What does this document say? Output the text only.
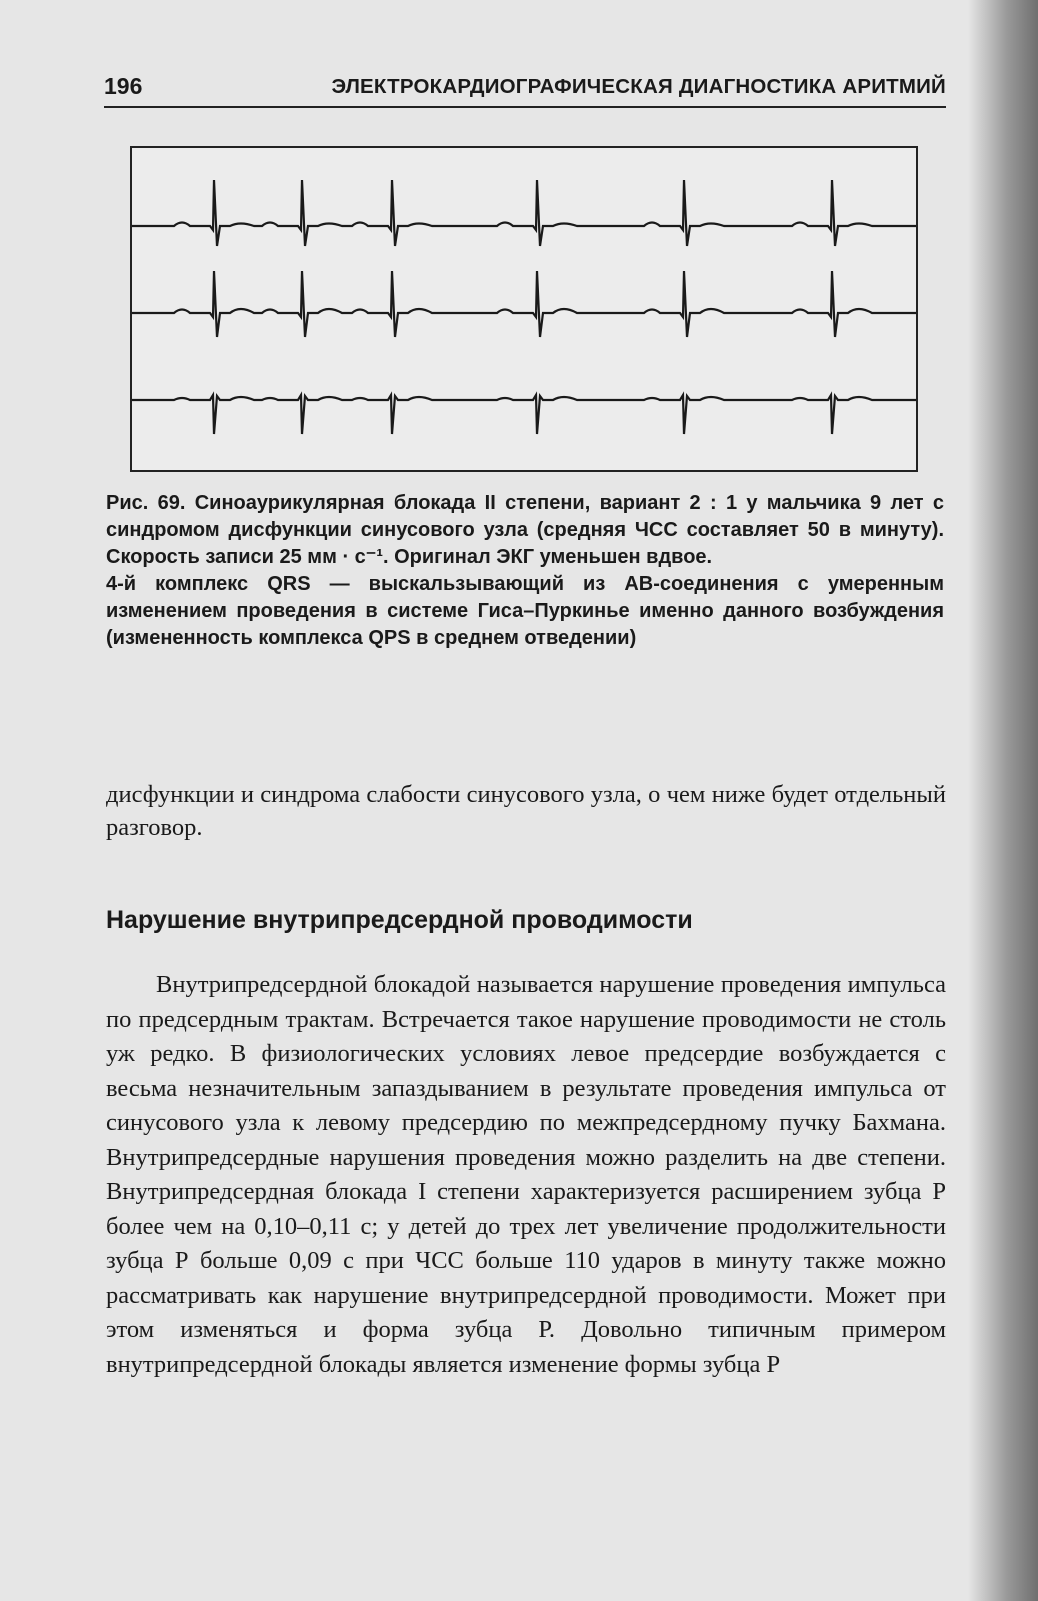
196	ЭЛЕКТРОКАРДИОГРАФИЧЕСКАЯ ДИАГНОСТИКА АРИТМИЙ

Рис. 69. Синоаурикулярная блокада II степени, вариант 2 : 1 у мальчика 9 лет с синдромом дисфункции синусового узла (средняя ЧСС составляет 50 в минуту). Скорость записи 25 мм · с⁻¹. Оригинал ЭКГ уменьшен вдвое.

4-й комплекс QRS — выскальзывающий из АВ-соединения с умеренным изменением проведения в системе Гиса–Пуркинье именно данного возбуждения (измененность комплекса QPS в среднем отведении)

дисфункции и синдрома слабости синусового узла, о чем ниже будет отдельный разговор.

Нарушение внутрипредсердной проводимости

Внутрипредсердной блокадой называется нарушение проведения импульса по предсердным трактам. Встречается такое нарушение проводимости не столь уж редко. В физиологических условиях левое предсердие возбуждается с весьма незначительным запаздыванием в результате проведения импульса от синусового узла к левому предсердию по межпредсердному пучку Бахмана. Внутрипредсердные нарушения проведения можно разделить на две степени. Внутрипредсердная блокада I степени характеризуется расширением зубца Р более чем на 0,10–0,11 с; у детей до трех лет увеличение продолжительности зубца Р больше 0,09 с при ЧСС больше 110 ударов в минуту также можно рассматривать как нарушение внутрипредсердной проводимости. Может при этом изменяться и форма зубца Р. Довольно типичным примером внутрипредсердной блокады является изменение формы зубца Р
